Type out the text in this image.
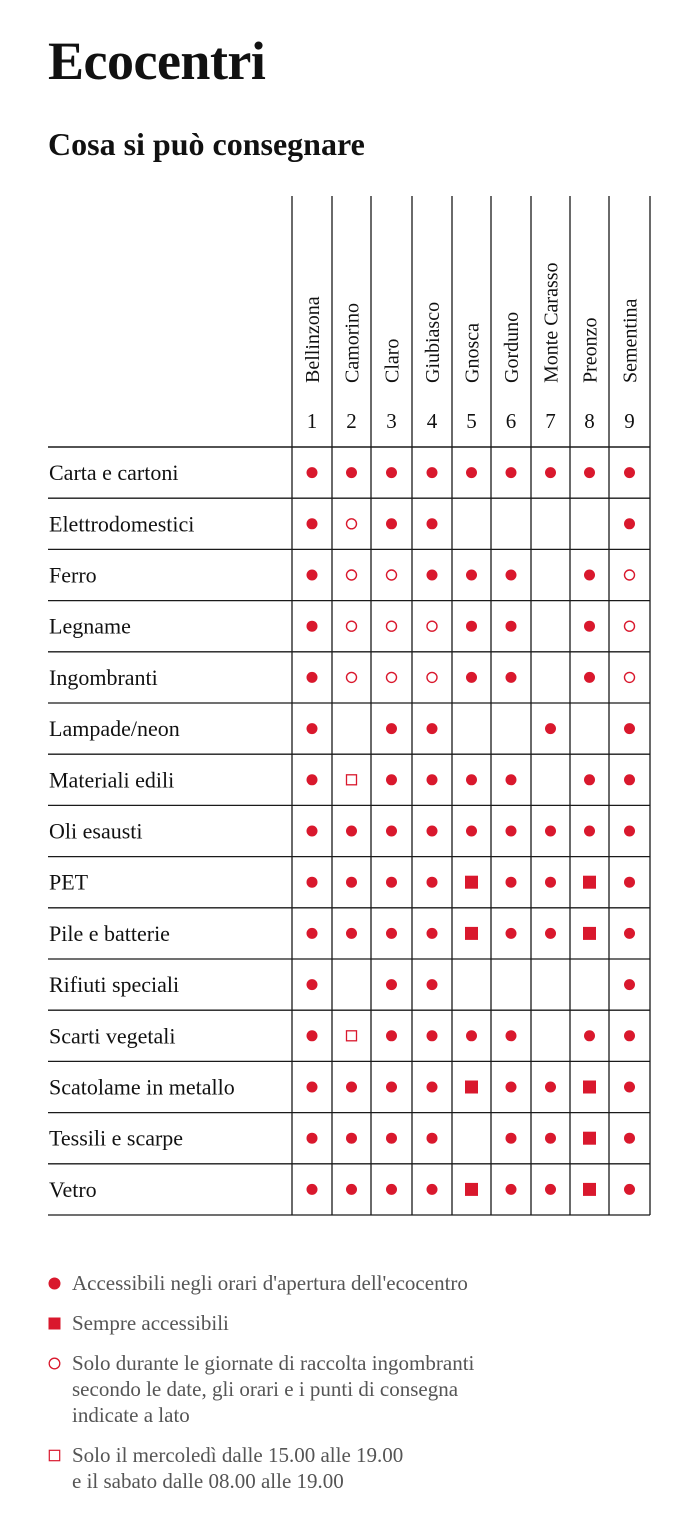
Ecocentri
Cosa si può consegnare
Bellinzona
1
Camorino
2
Claro
3
Giubiasco
4
Gnosca
5
Gorduno
6
Monte Carasso
7
Preonzo
8
Sementina
9
Carta e cartoni
Elettrodomestici
Ferro
Legname
Ingombranti
Lampade/neon
Materiali edili
Oli esausti
PET
Pile e batterie
Rifiuti speciali
Scarti vegetali
Scatolame in metallo
Tessili e scarpe
Vetro
Accessibili negli orari d'apertura dell'ecocentro
Sempre accessibili
Solo durante le giornate di raccolta ingombranti
secondo le date, gli orari e i punti di consegna
indicate a lato
Solo il mercoledì dalle 15.00 alle 19.00
e il sabato dalle 08.00 alle 19.00
